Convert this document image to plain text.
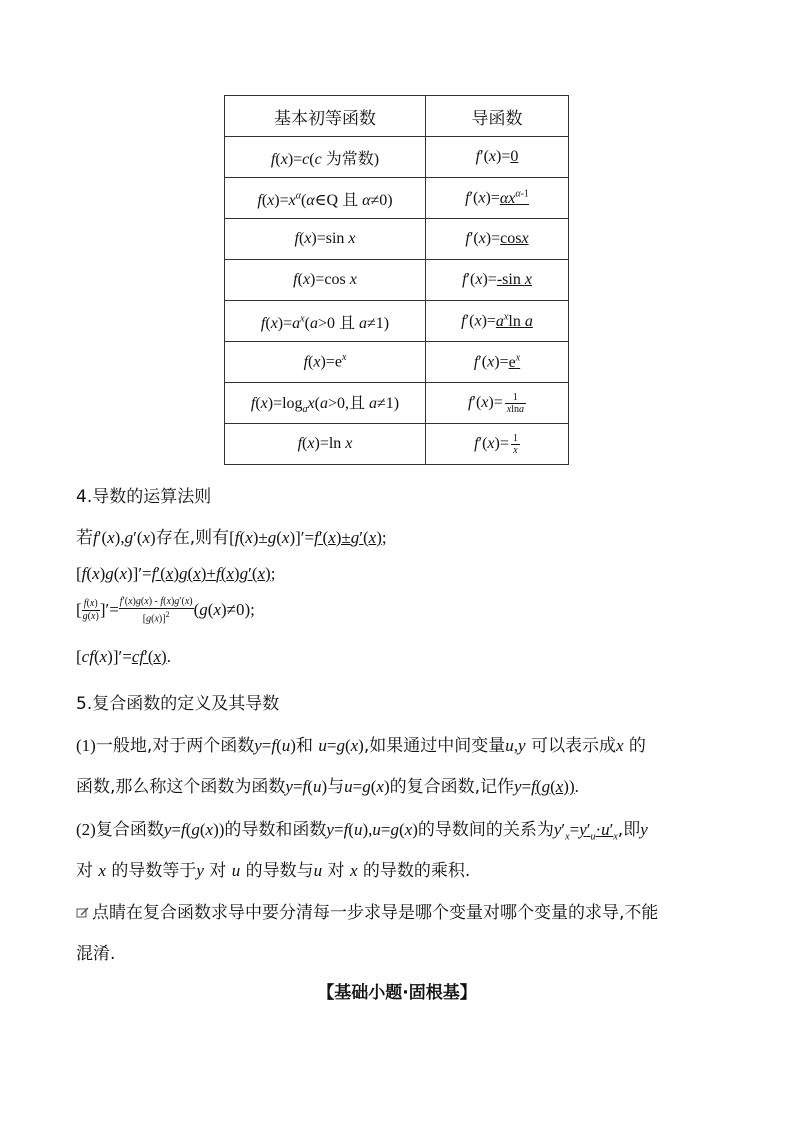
基本初等函数	导函数
f(x)=c(c 为常数)	f′(x)=0
$f(x)=x^\alpha(\alpha\in Q$ 且 α≠0)	$f'(x)=\alpha x^{\alpha-1}$
f(x)=sin x	f′(x)=cosx
f(x)=cos x	f′(x)=-sin x
$f(x)=a^x(a>0$ 且 a≠1)	$f'(x)=a^x\ln$ a
$f(x)=e^x$	$f'(x)=e^x$
$f(x)=\log_ax(a>0$,且 a≠1)	$f'(x)= \frac{1}{xlna}$

f(x)=ln x	$f'(x)= \frac{1}{x}$
4.导数的运算法则
若f′(x),g′(x)存在,则有[f(x)±g(x)]′=f′(x)±g′(x);
[f(x)g(x)]′=f′(x)g(x)+f(x)g′(x);
[ $\frac{f(x)}{g(x)}$ ]′= $\frac{f'(x)g(x) - f(x)g'(x)}{[g(x)]^2} (g(x)\ne 0)$;
[cf(x)]′=cf′(x).
5.复合函数的定义及其导数
(1)一般地,对于两个函数y=f(u)和 u=g(x),如果通过中间变量u,y 可以表示成x 的
函数,那么称这个函数为函数y=f(u)与u=g(x)的复合函数,记作y=f(g(x)).
(2)复合函数y=f(g(x))的导数和函数y=f(u),u=g(x)的导数间的关系为$y'_x=y'_u\cdot u'_x$,即y
对 x 的导数等于y 对 u 的导数与u 对 x 的导数的乘积.
点睛在复合函数求导中要分清每一步求导是哪个变量对哪个变量的求导,不能
混淆.
【基础小题·固根基】
